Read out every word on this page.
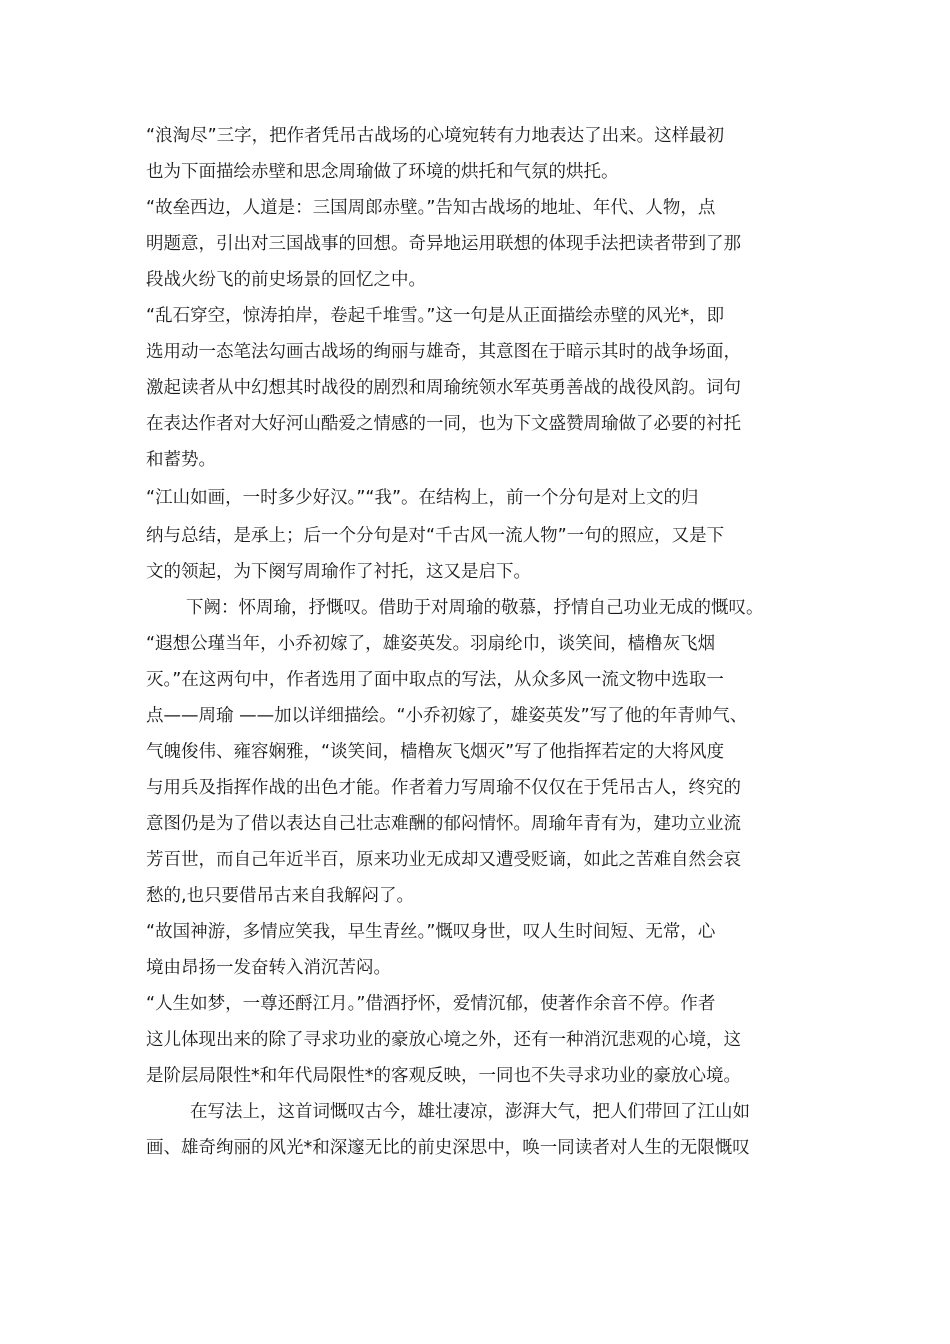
“浪淘尽”三字，把作者凭吊古战场的心境宛转有力地表达了出来。这样最初
也为下面描绘赤壁和思念周瑜做了环境的烘托和气氛的烘托。
“故垒西边，人道是：三国周郎赤壁。”告知古战场的地址、年代、人物，点
明题意，引出对三国战事的回想。奇异地运用联想的体现手法把读者带到了那
段战火纷飞的前史场景的回忆之中。
“乱石穿空，惊涛拍岸，卷起千堆雪。”这一句是从正面描绘赤壁的风光*，即
选用动一态笔法勾画古战场的绚丽与雄奇，其意图在于暗示其时的战争场面，
激起读者从中幻想其时战役的剧烈和周瑜统领水军英勇善战的战役风韵。词句
在表达作者对大好河山酷爱之情感的一同，也为下文盛赞周瑜做了必要的衬托
和蓄势。
“江山如画，一时多少好汉。”“我”。在结构上，前一个分句是对上文的归
纳与总结，是承上；后一个分句是对“千古风一流人物”一句的照应，又是下
文的领起，为下阕写周瑜作了衬托，这又是启下。
下阙：怀周瑜，抒慨叹。借助于对周瑜的敬慕，抒情自己功业无成的慨叹。
“遐想公瑾当年，小乔初嫁了，雄姿英发。羽扇纶巾，谈笑间，樯橹灰飞烟
灭。”在这两句中，作者选用了面中取点的写法，从众多风一流文物中选取一
点——周瑜 ——加以详细描绘。“小乔初嫁了，雄姿英发”写了他的年青帅气、
气魄俊伟、雍容娴雅，“谈笑间，樯橹灰飞烟灭”写了他指挥若定的大将风度
与用兵及指挥作战的出色才能。作者着力写周瑜不仅仅在于凭吊古人，终究的
意图仍是为了借以表达自己壮志难酬的郁闷情怀。周瑜年青有为，建功立业流
芳百世，而自己年近半百，原来功业无成却又遭受贬谪，如此之苦难自然会哀
愁的,也只要借吊古来自我解闷了。
“故国神游，多情应笑我，早生青丝。”慨叹身世，叹人生时间短、无常，心
境由昂扬一发奋转入消沉苦闷。
“人生如梦，一尊还酹江月。”借酒抒怀，爱情沉郁，使著作余音不停。作者
这儿体现出来的除了寻求功业的豪放心境之外，还有一种消沉悲观的心境，这
是阶层局限性*和年代局限性*的客观反映，一同也不失寻求功业的豪放心境。
在写法上，这首词慨叹古今，雄壮凄凉，澎湃大气，把人们带回了江山如
画、雄奇绚丽的风光*和深邃无比的前史深思中，唤一同读者对人生的无限慨叹
